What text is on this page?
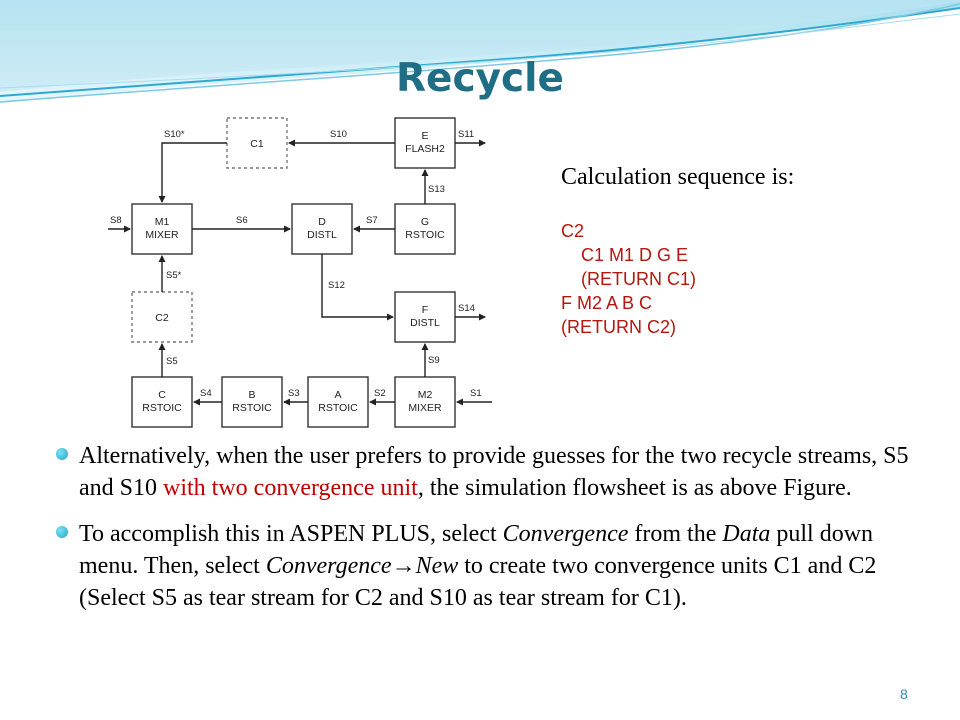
Recycle
C1
E
FLASH2
M1
MIXER
D
DISTL
G
RSTOIC
C2
F
DISTL
C
RSTOIC
B
RSTOIC
A
RSTOIC
M2
MIXER
S10*	S10	S11
S13
S8	S6	S7
S5*
S12
S14
S9
S5
S4	S3	S2	S1
Calculation sequence is:
C2
C1 M1 D G E
(RETURN C1)
F M2 A B C
(RETURN C2)
Alternatively, when the user prefers to provide guesses for the two recycle streams, S5 and S10 with two convergence unit, the simulation flowsheet is as above Figure.
To accomplish this in ASPEN PLUS, select Convergence from the Data pull down menu. Then, select Convergence→New to create two convergence units C1 and C2 (Select S5 as tear stream for C2 and S10 as tear stream for C1).
8
